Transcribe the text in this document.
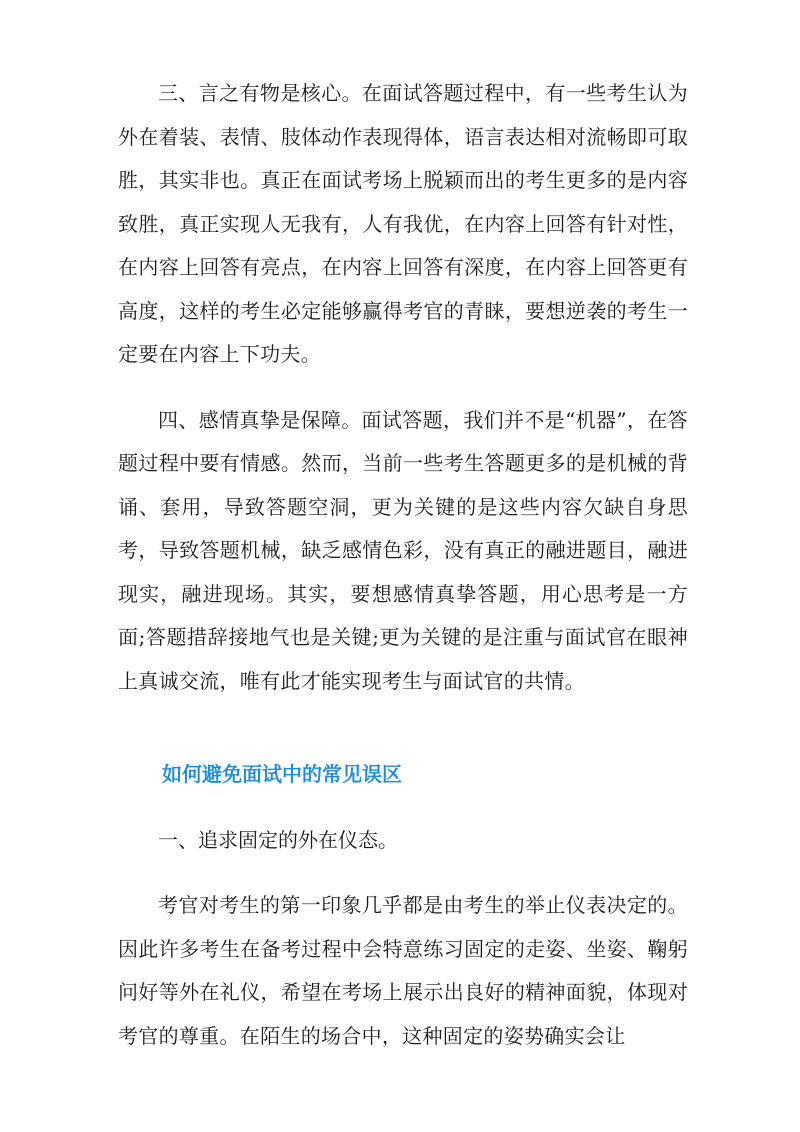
三、言之有物是核心。在面试答题过程中，有一些考生认为外在着装、表情、肢体动作表现得体，语言表达相对流畅即可取胜，其实非也。真正在面试考场上脱颖而出的考生更多的是内容致胜，真正实现人无我有，人有我优，在内容上回答有针对性，在内容上回答有亮点，在内容上回答有深度，在内容上回答更有高度，这样的考生必定能够赢得考官的青睐，要想逆袭的考生一定要在内容上下功夫。

四、感情真挚是保障。面试答题，我们并不是“机器”，在答题过程中要有情感。然而，当前一些考生答题更多的是机械的背诵、套用，导致答题空洞，更为关键的是这些内容欠缺自身思考，导致答题机械，缺乏感情色彩，没有真正的融进题目，融进现实，融进现场。其实，要想感情真挚答题，用心思考是一方面;答题措辞接地气也是关键;更为关键的是注重与面试官在眼神上真诚交流，唯有此才能实现考生与面试官的共情。

如何避免面试中的常见误区

一、追求固定的外在仪态。

考官对考生的第一印象几乎都是由考生的举止仪表决定的。因此许多考生在备考过程中会特意练习固定的走姿、坐姿、鞠躬问好等外在礼仪，希望在考场上展示出良好的精神面貌，体现对考官的尊重。在陌生的场合中，这种固定的姿势确实会让
